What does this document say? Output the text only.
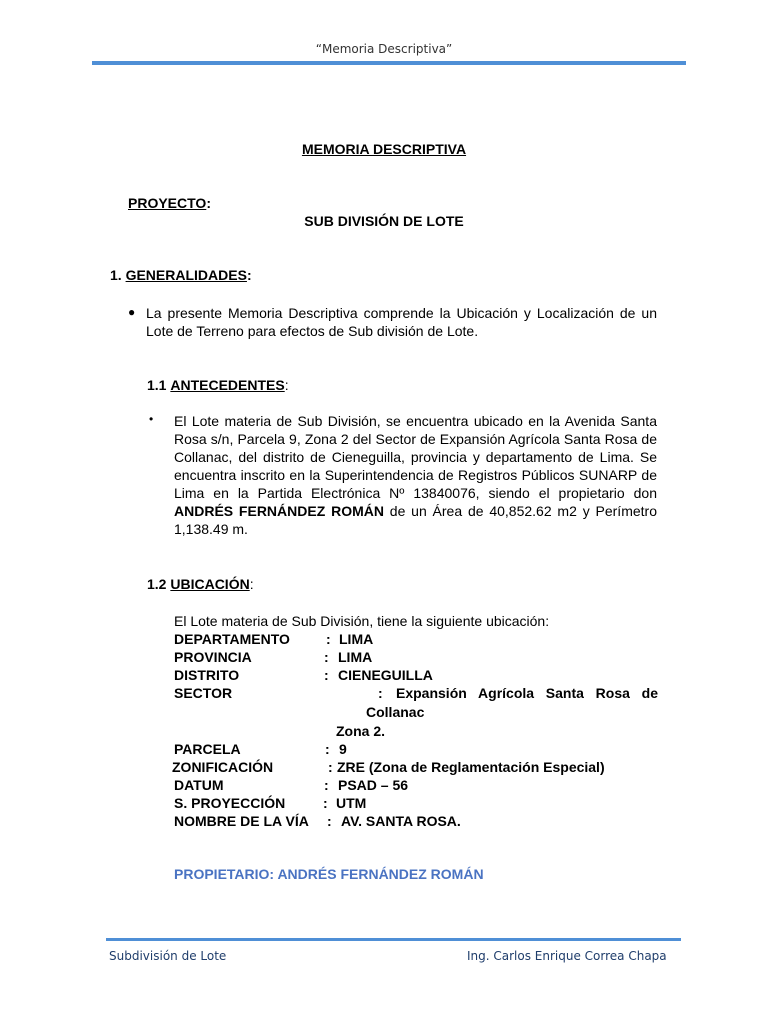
“Memoria Descriptiva”
MEMORIA DESCRIPTIVA
PROYECTO:
SUB DIVISIÓN DE LOTE
1. GENERALIDADES:
● La presente Memoria Descriptiva comprende la Ubicación y Localización de un Lote de Terreno para efectos de Sub división de Lote.
1.1 ANTECEDENTES:
• El Lote materia de Sub División, se encuentra ubicado en la Avenida Santa Rosa s/n, Parcela 9, Zona 2 del Sector de Expansión Agrícola Santa Rosa de Collanac, del distrito de Cieneguilla, provincia y departamento de Lima. Se encuentra inscrito en la Superintendencia de Registros Públicos SUNARP de Lima en la Partida Electrónica Nº 13840076, siendo el propietario don ANDRÉS FERNÁNDEZ ROMÁN de un Área de 40,852.62 m2 y Perímetro 1,138.49 m.
1.2 UBICACIÓN:
El Lote materia de Sub División, tiene la siguiente ubicación:
DEPARTAMENTO	: LIMA
PROVINCIA	: LIMA
DISTRITO	: CIENEGUILLA
SECTOR	: Expansión Agrícola Santa Rosa de
Collanac
Zona 2.
PARCELA	: 9
ZONIFICACIÓN	: ZRE (Zona de Reglamentación Especial)
DATUM	: PSAD – 56
S. PROYECCIÓN	: UTM
NOMBRE DE LA VÍA : AV. SANTA ROSA.
PROPIETARIO: ANDRÉS FERNÁNDEZ ROMÁN
Subdivisión de Lote	Ing. Carlos Enrique Correa Chapa
